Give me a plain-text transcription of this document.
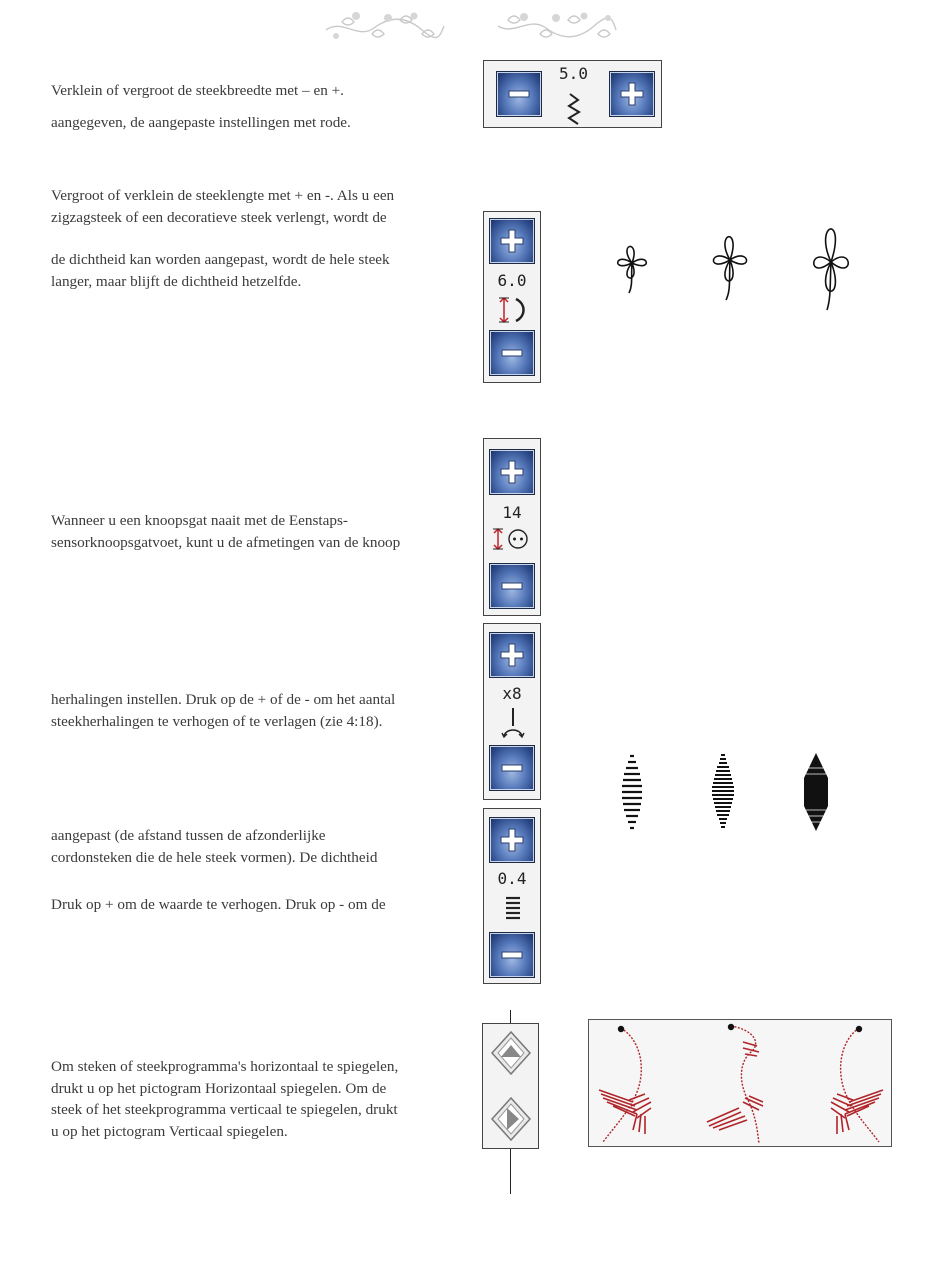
Verklein of vergroot de steekbreedte met – en +.

aangegeven, de aangepaste instellingen met rode.

5.0

Vergroot of verklein de steeklengte met + en -. Als u een

zigzagsteek of een decoratieve steek verlengt, wordt de

de dichtheid kan worden aangepast, wordt de hele steek

langer, maar blijft de dichtheid hetzelfde.	6.0

Wanneer u een knoopsgat naait met de Eenstaps-

sensorknoopsgatvoet, kunt u de afmetingen van de knoop

14

herhalingen instellen. Druk op de + of de - om het aantal

steekherhalingen te verhogen of te verlagen (zie 4:18).

x8

aangepast (de afstand tussen de afzonderlijke

cordonsteken die de hele steek vormen). De dichtheid

Druk op + om de waarde te verhogen. Druk op - om de

0.4

Om steken of steekprogramma's horizontaal te spiegelen,

drukt u op het pictogram Horizontaal spiegelen. Om de

steek of het steekprogramma verticaal te spiegelen, drukt

u op het pictogram Verticaal spiegelen.
